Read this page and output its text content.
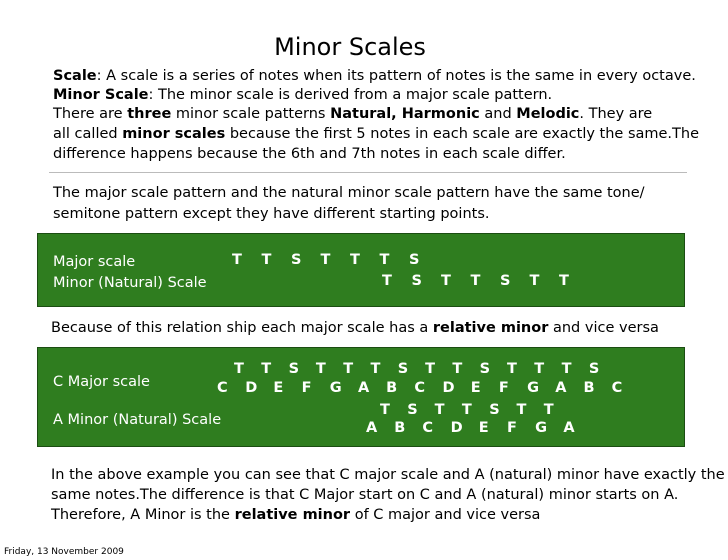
Minor Scales
Scale: A scale is a series of notes when its pattern of notes is the same in every octave.
Minor Scale: The minor scale is derived from a major scale pattern.
There are three minor scale patterns Natural, Harmonic and Melodic. They are
all called minor scales because the first 5 notes in each scale are exactly the same.The
difference happens because the 6th and 7th notes in each scale differ.
The major scale pattern and the natural minor scale pattern have the same tone/
semitone pattern except they have different starting points.
Major scale
Minor (Natural) Scale
T T S T T T S
T S T T S T T
Because of this relation ship each major scale has a relative minor and vice versa
C Major scale
A Minor (Natural) Scale
T T S T T T S T T S T T T S
C D E F G A B C D E F G A B C
T S T T S T T
A B C D E F G A
In the above example you can see that C major scale and A (natural) minor have exactly the
same notes.The difference is that C Major start on C and A (natural) minor starts on A.
Therefore, A Minor is the relative minor of C major and vice versa
Friday, 13 November 2009
